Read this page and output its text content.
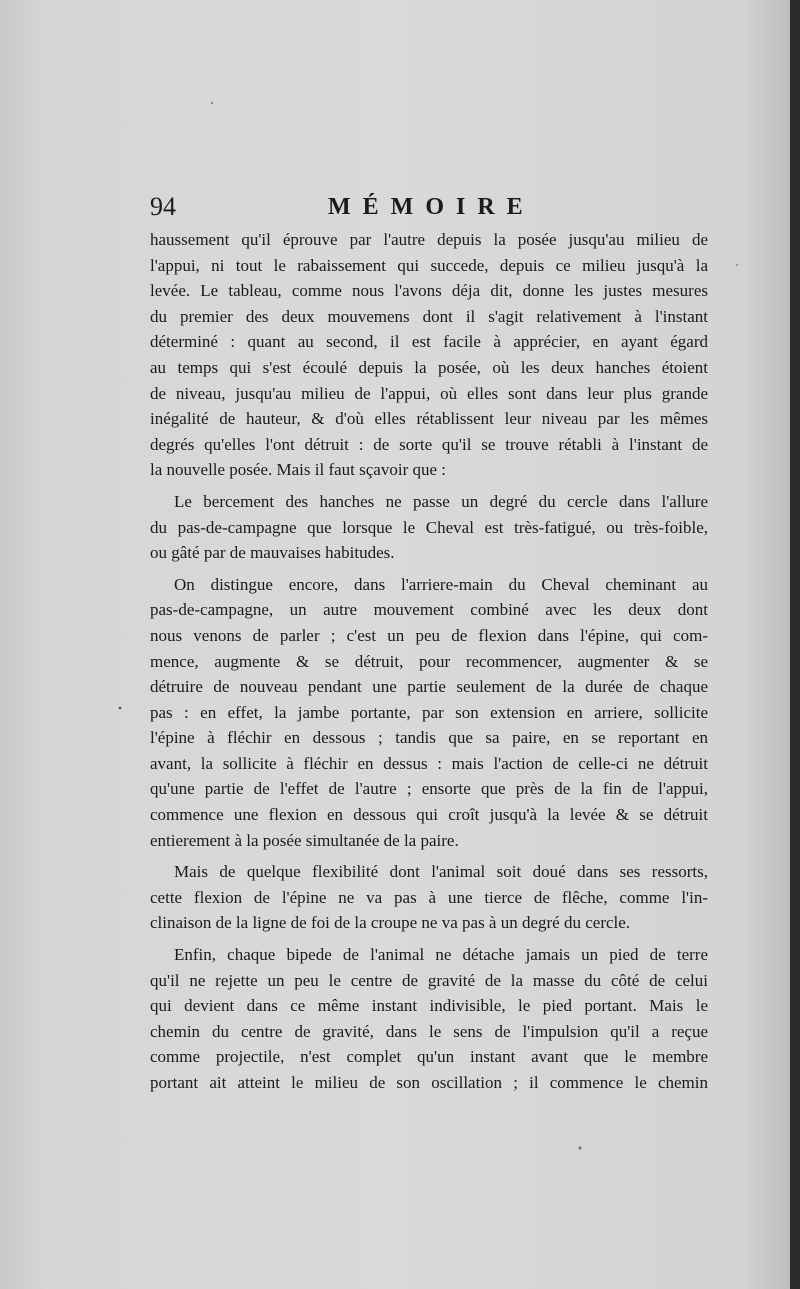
94	MÉMOIRE
haussement qu'il éprouve par l'autre depuis la posée jusqu'au milieu de
l'appui, ni tout le rabaissement qui succede, depuis ce milieu jusqu'à la
levée. Le tableau, comme nous l'avons déja dit, donne les justes mesures
du premier des deux mouvemens dont il s'agit relativement à l'instant
déterminé : quant au second, il est facile à apprécier, en ayant égard
au temps qui s'est écoulé depuis la posée, où les deux hanches étoient
de niveau, jusqu'au milieu de l'appui, où elles sont dans leur plus grande
inégalité de hauteur, & d'où elles rétablissent leur niveau par les mêmes
degrés qu'elles l'ont détruit : de sorte qu'il se trouve rétabli à l'instant de
la nouvelle posée. Mais il faut sçavoir que :
Le bercement des hanches ne passe un degré du cercle dans l'allure
du pas-de-campagne que lorsque le Cheval est très-fatigué, ou très-foible,
ou gâté par de mauvaises habitudes.
On distingue encore, dans l'arriere-main du Cheval cheminant au
pas-de-campagne, un autre mouvement combiné avec les deux dont
nous venons de parler ; c'est un peu de flexion dans l'épine, qui com-
mence, augmente & se détruit, pour recommencer, augmenter & se
détruire de nouveau pendant une partie seulement de la durée de chaque
pas : en effet, la jambe portante, par son extension en arriere, sollicite
l'épine à fléchir en dessous ; tandis que sa paire, en se reportant en
avant, la sollicite à fléchir en dessus : mais l'action de celle-ci ne détruit
qu'une partie de l'effet de l'autre ; ensorte que près de la fin de l'appui,
commence une flexion en dessous qui croît jusqu'à la levée & se détruit
entierement à la posée simultanée de la paire.
Mais de quelque flexibilité dont l'animal soit doué dans ses ressorts,
cette flexion de l'épine ne va pas à une tierce de flêche, comme l'in-
clinaison de la ligne de foi de la croupe ne va pas à un degré du cercle.
Enfin, chaque bipede de l'animal ne détache jamais un pied de terre
qu'il ne rejette un peu le centre de gravité de la masse du côté de celui
qui devient dans ce même instant indivisible, le pied portant. Mais le
chemin du centre de gravité, dans le sens de l'impulsion qu'il a reçue
comme projectile, n'est complet qu'un instant avant que le membre
portant ait atteint le milieu de son oscillation ; il commence le chemin
